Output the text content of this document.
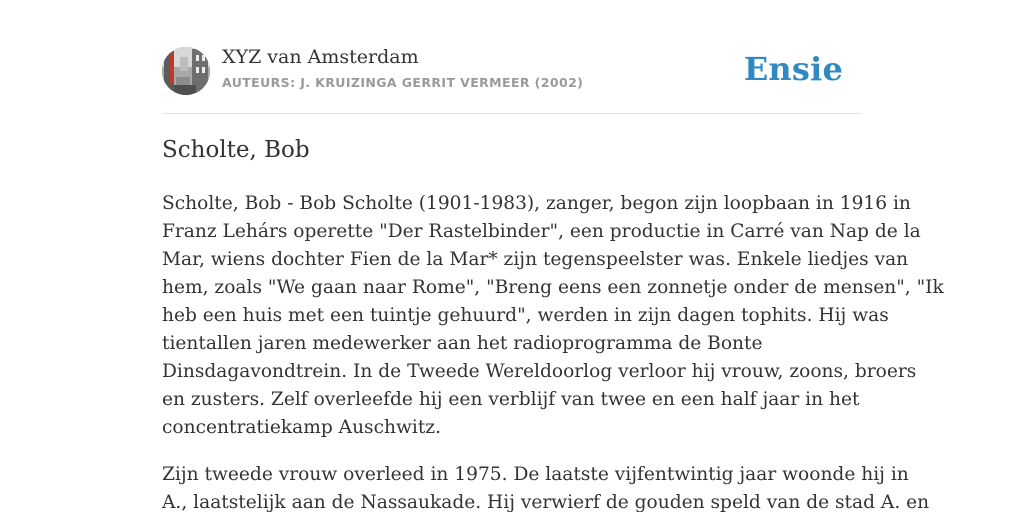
XYZ van Amsterdam
AUTEURS: J. KRUIZINGA GERRIT VERMEER (2002)	Ensie
Scholte, Bob

Scholte, Bob - Bob Scholte (1901-1983), zanger, begon zijn loopbaan in 1916 in
Franz Lehárs operette "Der Rastelbinder", een productie in Carré van Nap de la
Mar, wiens dochter Fien de la Mar* zijn tegenspeelster was. Enkele liedjes van
hem, zoals "We gaan naar Rome", "Breng eens een zonnetje onder de mensen", "Ik
heb een huis met een tuintje gehuurd", werden in zijn dagen tophits. Hij was
tientallen jaren medewerker aan het radioprogramma de Bonte
Dinsdagavondtrein. In de Tweede Wereldoorlog verloor hij vrouw, zoons, broers
en zusters. Zelf overleefde hij een verblijf van twee en een half jaar in het
concentratiekamp Auschwitz.

Zijn tweede vrouw overleed in 1975. De laatste vijfentwintig jaar woonde hij in
A., laatstelijk aan de Nassaukade. Hij verwierf de gouden speld van de stad A. en
